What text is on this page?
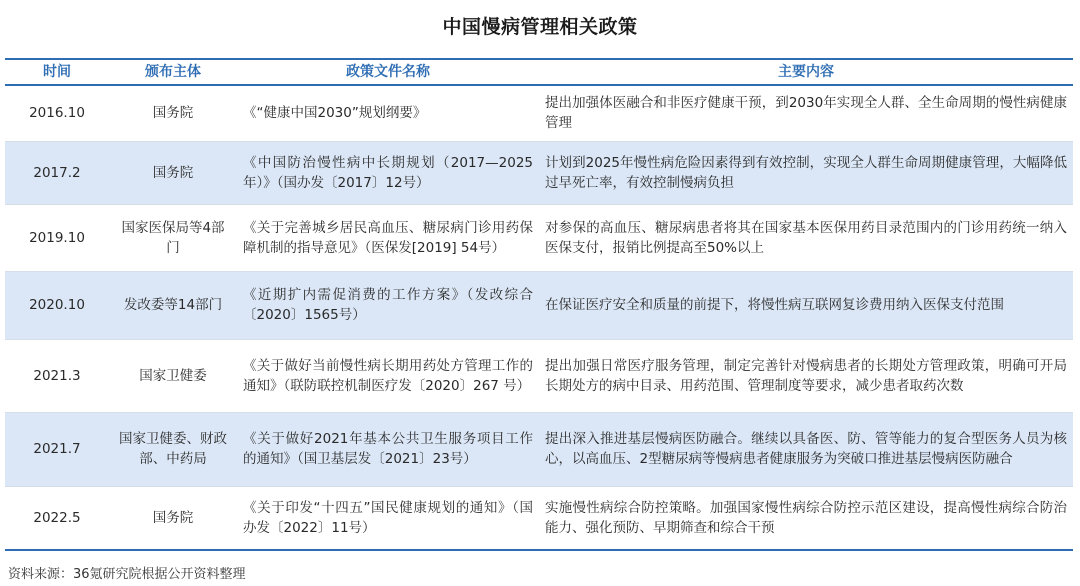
中国慢病管理相关政策
时间	颁布主体	政策文件名称	主要内容
2016.10	国务院	《“健康中国2030”规划纲要》	提出加强体医融合和非医疗健康干预，到2030年实现全人群、全生命周期的慢性病健康管理
2017.2	国务院	《中国防治慢性病中长期规划（2017—2025年）》（国办发〔2017〕12号）	计划到2025年慢性病危险因素得到有效控制，实现全人群生命周期健康管理，大幅降低过早死亡率，有效控制慢病负担
2019.10	国家医保局等4部门	《关于完善城乡居民高血压、糖尿病门诊用药保障机制的指导意见》（医保发[2019] 54号）	对参保的高血压、糖尿病患者将其在国家基本医保用药目录范围内的门诊用药统一纳入医保支付，报销比例提高至50%以上
2020.10	发改委等14部门	《近期扩内需促消费的工作方案》（发改综合〔2020〕1565号）	在保证医疗安全和质量的前提下，将慢性病互联网复诊费用纳入医保支付范围
2021.3	国家卫健委	《关于做好当前慢性病长期用药处方管理工作的通知》（联防联控机制医疗发〔2020〕267 号）	提出加强日常医疗服务管理，制定完善针对慢病患者的长期处方管理政策，明确可开局长期处方的病中目录、用药范围、管理制度等要求，减少患者取药次数
2021.7	国家卫健委、财政部、中药局	《关于做好2021年基本公共卫生服务项目工作的通知》（国卫基层发〔2021〕23号）	提出深入推进基层慢病医防融合。继续以具备医、防、管等能力的复合型医务人员为核心，以高血压、2型糖尿病等慢病患者健康服务为突破口推进基层慢病医防融合
2022.5	国务院	《关于印发“十四五”国民健康规划的通知》（国办发〔2022〕11号）	实施慢性病综合防控策略。加强国家慢性病综合防控示范区建设，提高慢性病综合防治能力、强化预防、早期筛查和综合干预
资料来源：36氪研究院根据公开资料整理
